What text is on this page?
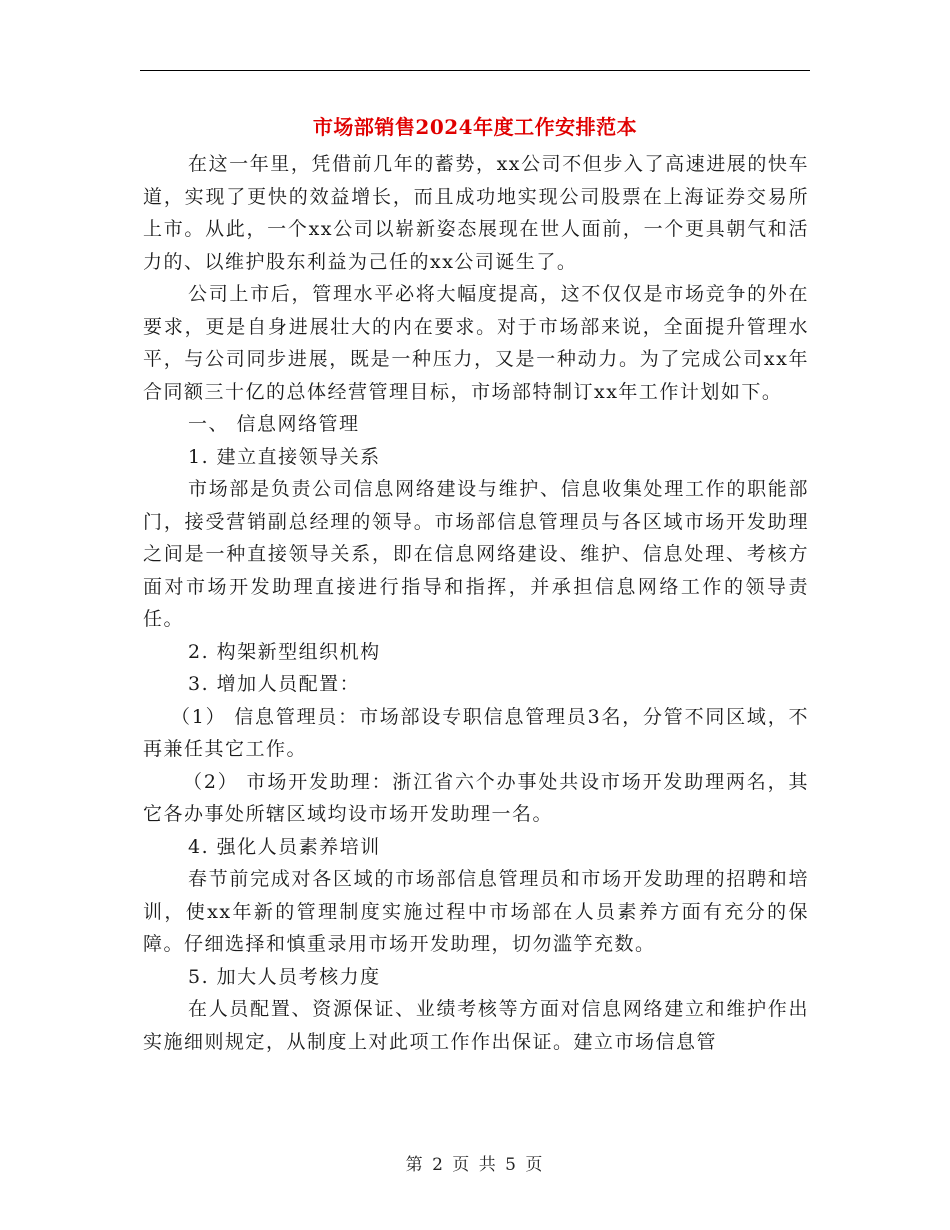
市场部销售2024年度工作安排范本

在这一年里，凭借前几年的蓄势，xx公司不但步入了高速进展的快车道，实现了更快的效益增长，而且成功地实现公司股票在上海证券交易所上市。从此，一个xx公司以崭新姿态展现在世人面前，一个更具朝气和活力的、以维护股东利益为己任的xx公司诞生了。

公司上市后，管理水平必将大幅度提高，这不仅仅是市场竞争的外在要求，更是自身进展壮大的内在要求。对于市场部来说，全面提升管理水平，与公司同步进展，既是一种压力，又是一种动力。为了完成公司xx年合同额三十亿的总体经营管理目标，市场部特制订xx年工作计划如下。

一、 信息网络管理

1. 建立直接领导关系

市场部是负责公司信息网络建设与维护、信息收集处理工作的职能部门，接受营销副总经理的领导。市场部信息管理员与各区域市场开发助理之间是一种直接领导关系，即在信息网络建设、维护、信息处理、考核方面对市场开发助理直接进行指导和指挥，并承担信息网络工作的领导责任。

2. 构架新型组织机构

3. 增加人员配置：

（1） 信息管理员：市场部设专职信息管理员3名，分管不同区域，不再兼任其它工作。

（2） 市场开发助理：浙江省六个办事处共设市场开发助理两名，其它各办事处所辖区域均设市场开发助理一名。

4. 强化人员素养培训

春节前完成对各区域的市场部信息管理员和市场开发助理的招聘和培训，使xx年新的管理制度实施过程中市场部在人员素养方面有充分的保障。仔细选择和慎重录用市场开发助理，切勿滥竽充数。

5. 加大人员考核力度

在人员配置、资源保证、业绩考核等方面对信息网络建立和维护作出实施细则规定，从制度上对此项工作作出保证。建立市场信息管

第 2 页 共 5 页
